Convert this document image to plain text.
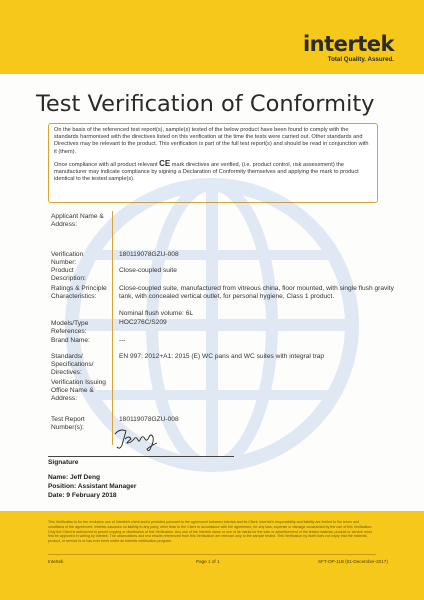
intertek
Total Quality. Assured.
Test Verification of Conformity

On the basis of the referenced test report(s), sample(s) tested of the below product have been found to comply with the standards harmonised with the directives listed on this verification at the time the tests were carried out. Other standards and Directives may be relevant to the product. This verification is part of the full test report(s) and should be read in conjunction with it (them).

Once compliance with all product relevant CE mark directives are verified, (i.e. product control, risk assessment) the manufacturer may indicate compliance by signing a Declaration of Conformity themselves and applying the mark to product identical to the tested sample(s).

Applicant Name & Address:
Verification Number:
180119078GZU-008
Product Description:
Close-coupled suite
Ratings & Principle Characteristics:
Close-coupled suite, manufactured from vitreous china, floor mounted, with single flush gravity tank, with concealed vertical outlet, for personal hygiene, Class 1 product.
Nominal flush volume: 6L
Models/Type References:
HOC276C/S209
Brand Name:	---
Standards/ Specifications/ Directives:
EN 997: 2012+A1: 2015 (E) WC pans and WC suites with integral trap
Verification Issuing Office Name & Address:
Test Report Number(s):
180119078GZU-008
Signature
Name: Jeff Deng
Position: Assistant Manager
Date: 9 February 2018
This Verification is for the exclusive use of Intertek's client and is provided pursuant to the agreement between Intertek and its Client. Intertek's responsibility and liability are limited to the terms and conditions of the agreement. Intertek assumes no liability to any party, other than to the Client in accordance with the agreement, for any loss, expense or damage occasioned by the use of this Verification. Only the Client is authorized to permit copying or distribution of this Verification. Any use of the Intertek name or one of its marks for the sale or advertisement of the tested material, product or service must first be approved in writing by Intertek. The observations and test results referenced from this Verification are relevant only to the sample tested. This Verification by itself does not imply that the material, product, or service is or has ever been under an Intertek certification program.
Intertek	Page 1 of 1	SFT-OP-11B (01-December-2017)
